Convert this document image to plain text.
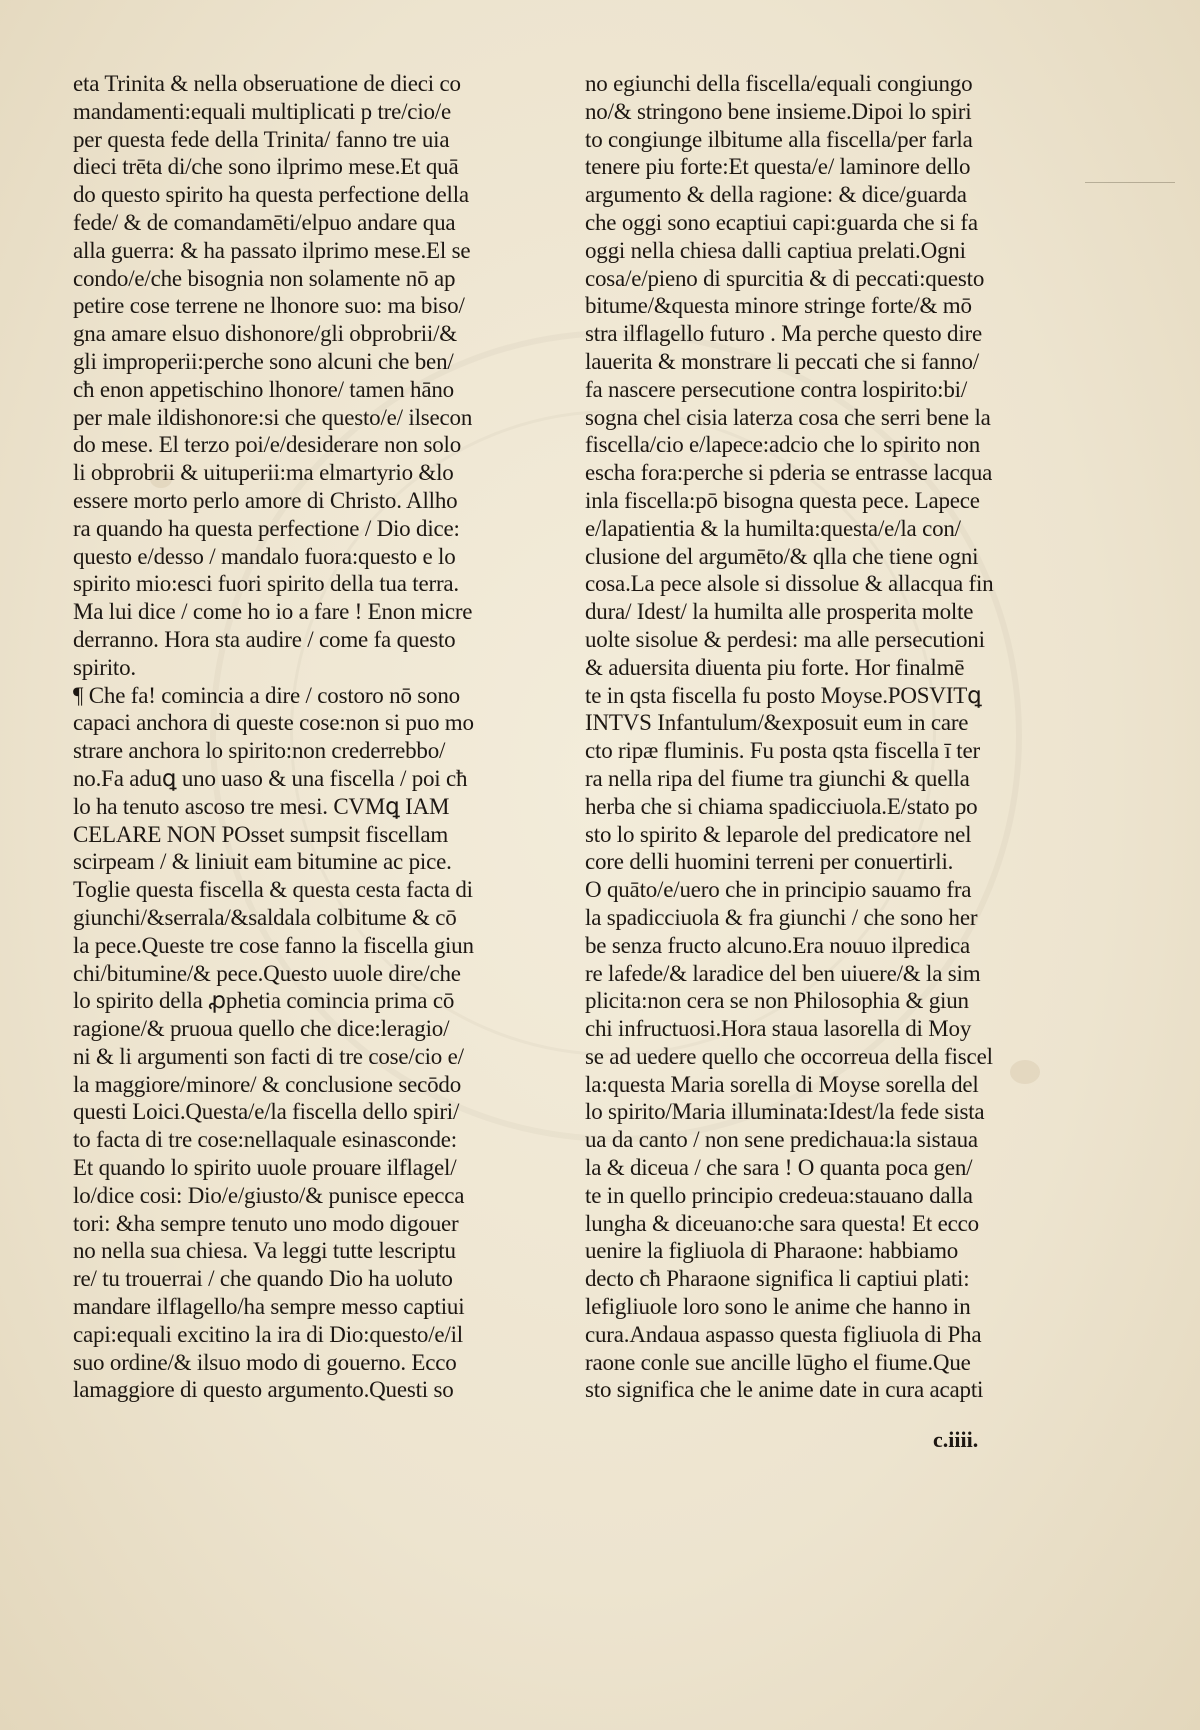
eta Trinita & nella obseruatione de dieci co
mandamenti:equali multiplicati p tre/cio/e
per questa fede della Trinita/ fanno tre uia
dieci trēta di/che sono ilprimo mese.Et quā
do questo spirito ha questa perfectione della
fede/ & de comandamēti/elpuo andare qua
alla guerra: & ha passato ilprimo mese.El se
condo/e/che bisognia non solamente nō ap
petire cose terrene ne lhonore suo: ma biso/
gna amare elsuo dishonore/gli obprobrii/&
gli improperii:perche sono alcuni che ben/
cħ enon appetischino lhonore/ tamen hāno
per male ildishonore:si che questo/e/ ilsecon
do mese. El terzo poi/e/desiderare non solo
li obprobrii & uituperii:ma elmartyrio &lo
essere morto perlo amore di Christo. Allho
ra quando ha questa perfectione / Dio dice:
questo e/desso / mandalo fuora:questo e lo
spirito mio:esci fuori spirito della tua terra.
Ma lui dice / come ho io a fare ! Enon micre
derranno. Hora sta audire / come fa questo
spirito.
¶ Che fa! comincia a dire / costoro nō sono
capaci anchora di queste cose:non si puo mo
strare anchora lo spirito:non crederrebbo/
no.Fa aduꝗ uno uaso & una fiscella / poi cħ
lo ha tenuto ascoso tre mesi. CVMꝗ IAM
CELARE NON POsset sumpsit fiscellam
scirpeam / & liniuit eam bitumine ac pice.
Toglie questa fiscella & questa cesta facta di
giunchi/&serrala/&saldala colbitume & cō
la pece.Queste tre cose fanno la fiscella giun
chi/bitumine/& pece.Questo uuole dire/che
lo spirito della ꝓphetia comincia prima cō
ragione/& pruoua quello che dice:leragio/
ni & li argumenti son facti di tre cose/cio e/
la maggiore/minore/ & conclusione secōdo
questi Loici.Questa/e/la fiscella dello spiri/
to facta di tre cose:nellaquale esinasconde:
Et quando lo spirito uuole prouare ilflagel/
lo/dice cosi: Dio/e/giusto/& punisce epecca
tori: &ha sempre tenuto uno modo digouer
no nella sua chiesa. Va leggi tutte lescriptu
re/ tu trouerrai / che quando Dio ha uoluto
mandare ilflagello/ha sempre messo captiui
capi:equali excitino la ira di Dio:questo/e/il
suo ordine/& ilsuo modo di gouerno. Ecco
lamaggiore di questo argumento.Questi so
no egiunchi della fiscella/equali congiungo
no/& stringono bene insieme.Dipoi lo spiri
to congiunge ilbitume alla fiscella/per farla
tenere piu forte:Et questa/e/ laminore dello
argumento & della ragione: & dice/guarda
che oggi sono ecaptiui capi:guarda che si fa
oggi nella chiesa dalli captiua prelati.Ogni
cosa/e/pieno di spurcitia & di peccati:questo
bitume/&questa minore stringe forte/& mō
stra ilflagello futuro . Ma perche questo dire
lauerita & monstrare li peccati che si fanno/
fa nascere persecutione contra lospirito:bi/
sogna chel cisia laterza cosa che serri bene la
fiscella/cio e/lapece:adcio che lo spirito non
escha fora:perche si pderia se entrasse lacqua
inla fiscella:pō bisogna questa pece. Lapece
e/lapatientia & la humilta:questa/e/la con/
clusione del argumēto/& qlla che tiene ogni
cosa.La pece alsole si dissolue & allacqua fin
dura/ Idest/ la humilta alle prosperita molte
uolte sisolue & perdesi: ma alle persecutioni
& aduersita diuenta piu forte. Hor finalmē
te in qsta fiscella fu posto Moyse.POSVITꝗ
INTVS Infantulum/&exposuit eum in care
cto ripæ fluminis. Fu posta qsta fiscella ī ter
ra nella ripa del fiume tra giunchi & quella
herba che si chiama spadicciuola.E/stato po
sto lo spirito & leparole del predicatore nel
core delli huomini terreni per conuertirli.
O quāto/e/uero che in principio sauamo fra
la spadicciuola & fra giunchi / che sono her
be senza fructo alcuno.Era nouuo ilpredica
re lafede/& laradice del ben uiuere/& la sim
plicita:non cera se non Philosophia & giun
chi infructuosi.Hora staua lasorella di Moy
se ad uedere quello che occorreua della fiscel
la:questa Maria sorella di Moyse sorella del
lo spirito/Maria illuminata:Idest/la fede sista
ua da canto / non sene predichaua:la sistaua
la & diceua / che sara ! O quanta poca gen/
te in quello principio credeua:stauano dalla
lungha & diceuano:che sara questa! Et ecco
uenire la figliuola di Pharaone: habbiamo
decto cħ Pharaone significa li captiui plati:
lefigliuole loro sono le anime che hanno in
cura.Andaua aspasso questa figliuola di Pha
raone conle sue ancille lūgho el fiume.Que
sto significa che le anime date in cura acapti
c.iiii.
